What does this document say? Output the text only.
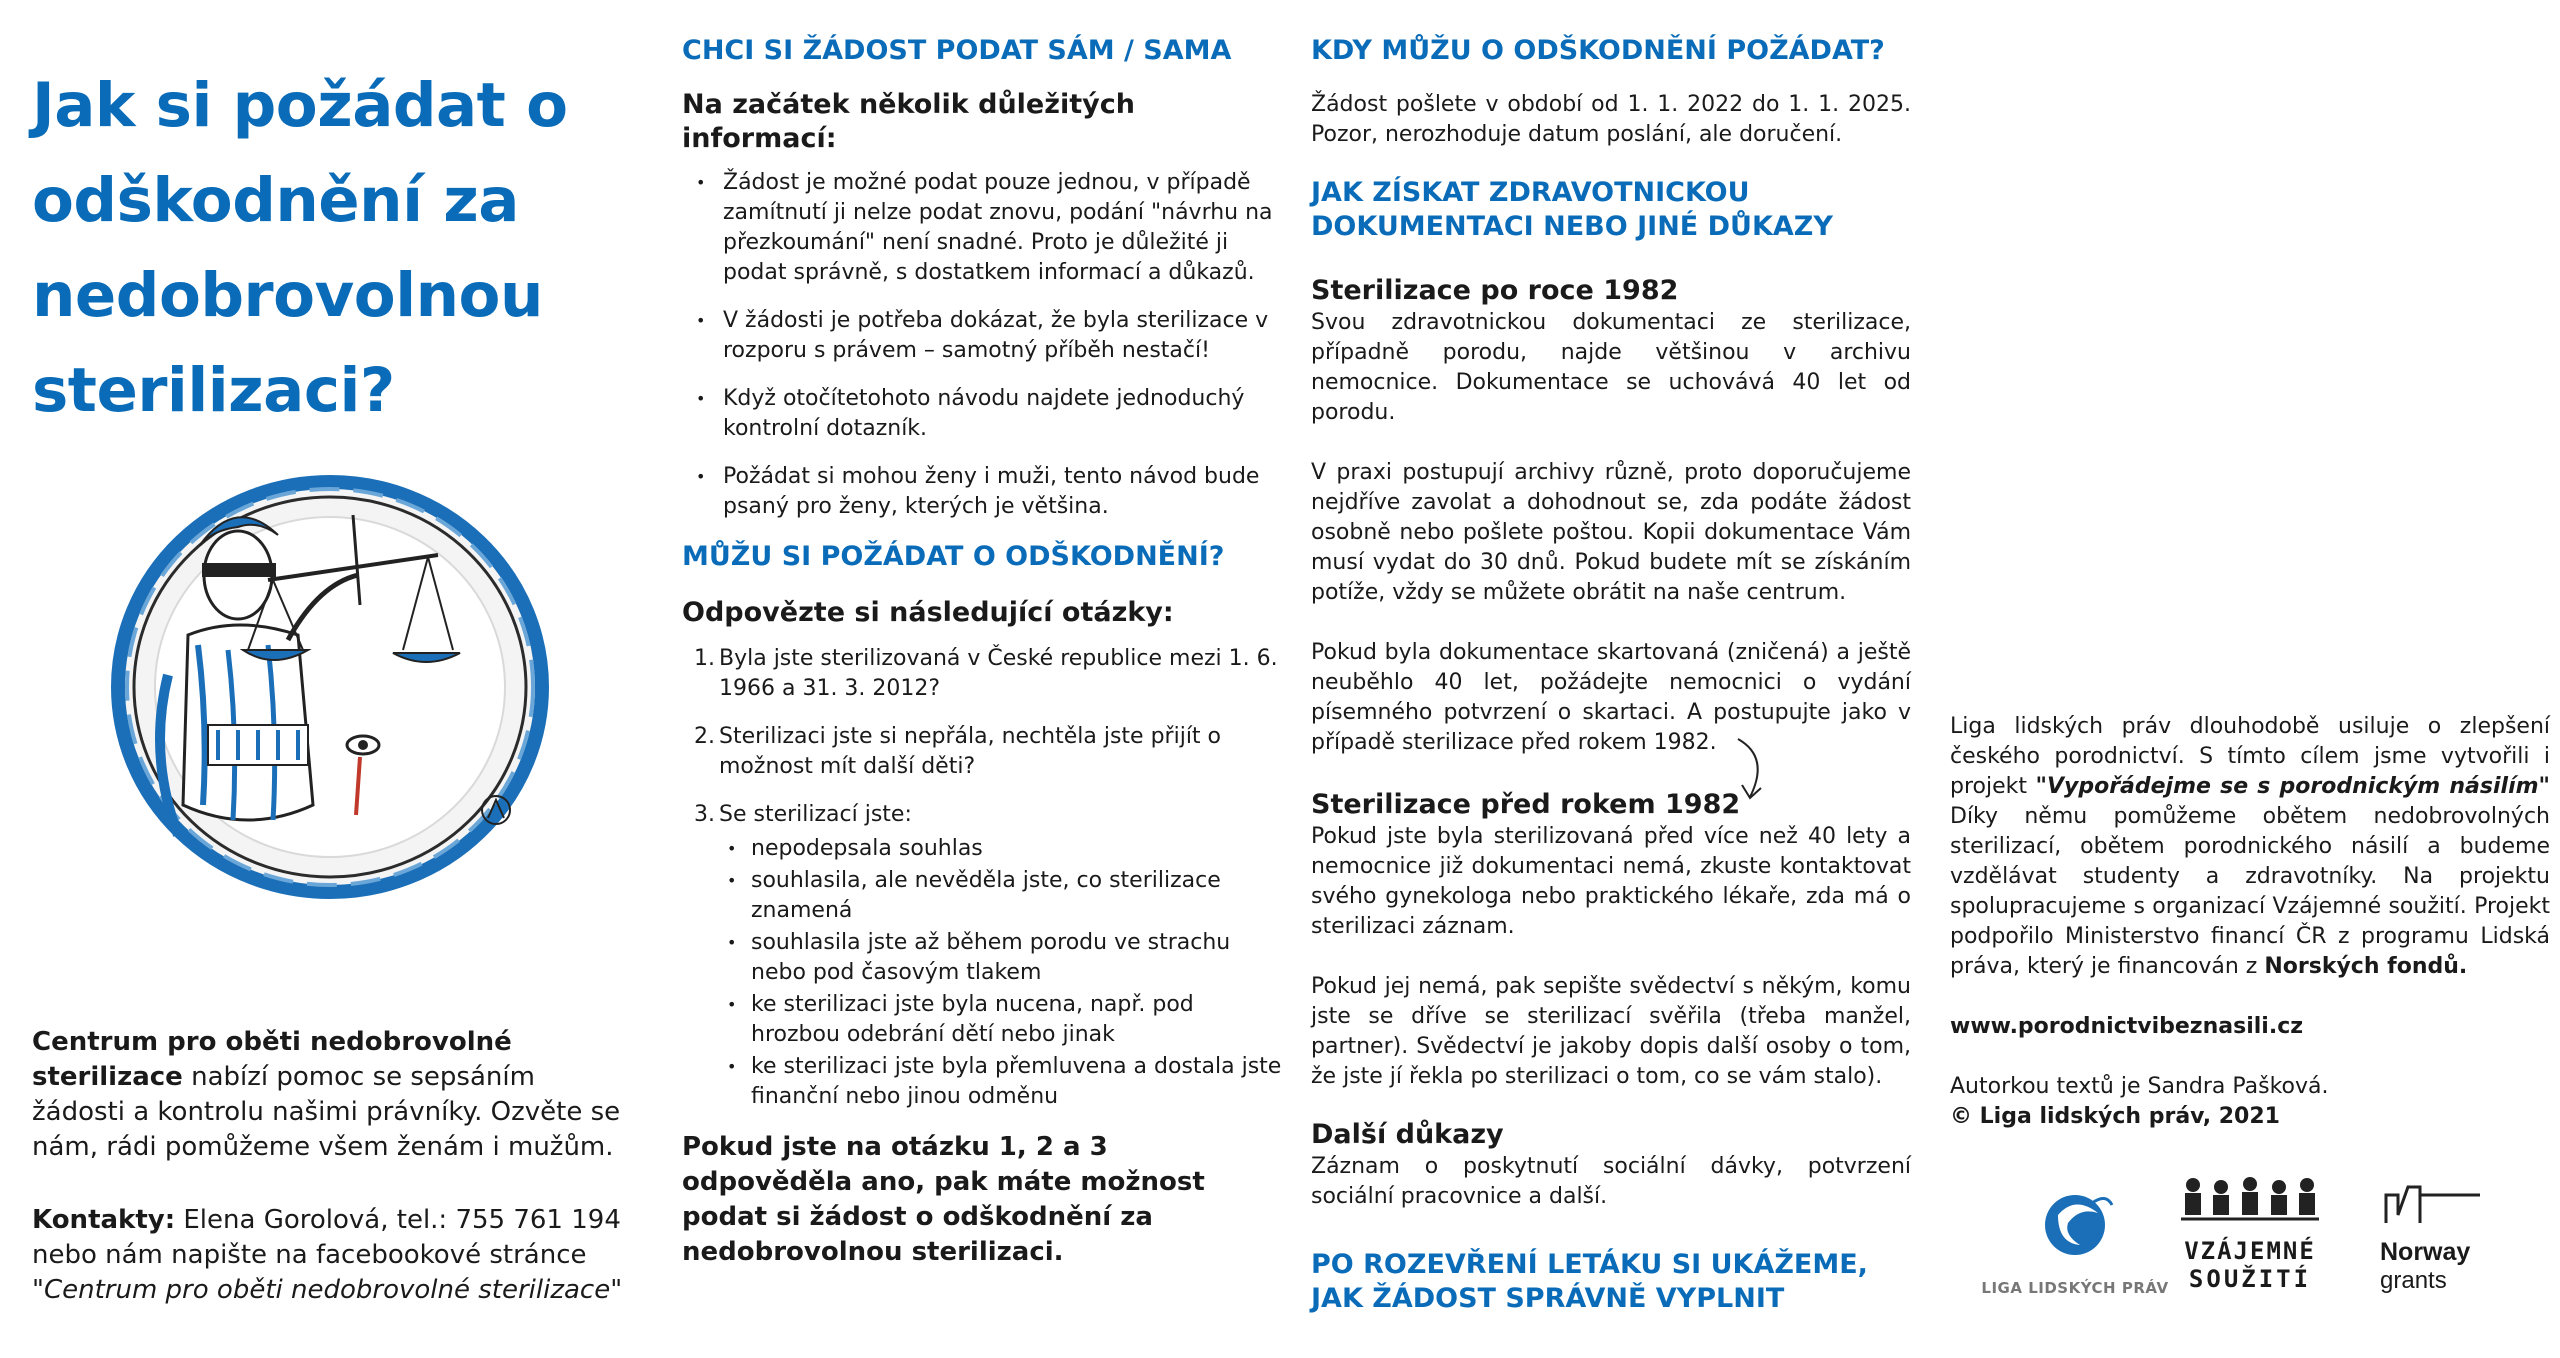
Jak si požádat o odškodnění za nedobrovolnou sterilizaci?
Centrum pro oběti nedobrovolné sterilizace nabízí pomoc se sepsáním žádosti a kontrolu našimi právníky. Ozvěte se nám, rádi pomůžeme všem ženám i mužům.
Kontakty: Elena Gorolová, tel.: 755 761 194 nebo nám napište na facebookové stránce
"Centrum pro oběti nedobrovolné sterilizace"
CHCI SI ŽÁDOST PODAT SÁM / SAMA
Na začátek několik důležitých informací:
• Žádost je možné podat pouze jednou, v případě zamítnutí ji nelze podat znovu, podání "návrhu na přezkoumání" není snadné. Proto je důležité ji podat správně, s dostatkem informací a důkazů.
• V žádosti je potřeba dokázat, že byla sterilizace v rozporu s právem – samotný příběh nestačí!
• Když otočítetohoto návodu najdete jednoduchý kontrolní dotazník.
• Požádat si mohou ženy i muži, tento návod bude psaný pro ženy, kterých je většina.
MŮŽU SI POŽÁDAT O ODŠKODNĚNÍ?
Odpovězte si následující otázky:
1. Byla jste sterilizovaná v České republice mezi 1. 6. 1966 a 31. 3. 2012?
2. Sterilizaci jste si nepřála, nechtěla jste přijít o možnost mít další děti?
3. Se sterilizací jste:
• nepodepsala souhlas
• souhlasila, ale nevěděla jste, co sterilizace znamená
• souhlasila jste až během porodu ve strachu nebo pod časovým tlakem
• ke sterilizaci jste byla nucena, např. pod hrozbou odebrání dětí nebo jinak
• ke sterilizaci jste byla přemluvena a dostala jste finanční nebo jinou odměnu
Pokud jste na otázku 1, 2 a 3 odpověděla ano, pak máte možnost podat si žádost o odškodnění za nedobrovolnou sterilizaci.
KDY MŮŽU O ODŠKODNĚNÍ POŽÁDAT?
Žádost pošlete v období od 1. 1. 2022 do 1. 1. 2025. Pozor, nerozhoduje datum poslání, ale doručení.
JAK ZÍSKAT ZDRAVOTNICKOU DOKUMENTACI NEBO JINÉ DŮKAZY
Sterilizace po roce 1982
Svou zdravotnickou dokumentaci ze sterilizace, případně porodu, najde většinou v archivu nemocnice. Dokumentace se uchovává 40 let od porodu.
V praxi postupují archivy různě, proto doporučujeme nejdříve zavolat a dohodnout se, zda podáte žádost osobně nebo pošlete poštou. Kopii dokumentace Vám musí vydat do 30 dnů. Pokud budete mít se získáním potíže, vždy se můžete obrátit na naše centrum.
Pokud byla dokumentace skartovaná (zničená) a ještě neuběhlo 40 let, požádejte nemocnici o vydání písemného potvrzení o skartaci. A postupujte jako v případě sterilizace před rokem 1982.
Sterilizace před rokem 1982
Pokud jste byla sterilizovaná před více než 40 lety a nemocnice již dokumentaci nemá, zkuste kontaktovat svého gynekologa nebo praktického lékaře, zda má o sterilizaci záznam.
Pokud jej nemá, pak sepište svědectví s někým, komu jste se dříve se sterilizací svěřila (třeba manžel, partner). Svědectví je jakoby dopis další osoby o tom, že jste jí řekla po sterilizaci o tom, co se vám stalo).
Další důkazy
Záznam o poskytnutí sociální dávky, potvrzení sociální pracovnice a další.
PO ROZEVŘENÍ LETÁKU SI UKÁŽEME, JAK ŽÁDOST SPRÁVNĚ VYPLNIT
Liga lidských práv dlouhodobě usiluje o zlepšení českého porodnictví. S tímto cílem jsme vytvořili i projekt "Vypořádejme se s porodnickým násilím" Díky němu pomůžeme obětem nedobrovolných sterilizací, obětem porodnického násilí a budeme vzdělávat studenty a zdravotníky. Na projektu spolupracujeme s organizací Vzájemné soužití. Projekt podpořilo Ministerstvo financí ČR z programu Lidská práva, který je financován z Norských fondů.
www.porodnictvibeznasili.cz
Autorkou textů je Sandra Pašková.
© Liga lidských práv, 2021
LIGA LIDSKÝCH PRÁV
VZÁJEMNÉ
SOUŽITÍ
Norway
grants
